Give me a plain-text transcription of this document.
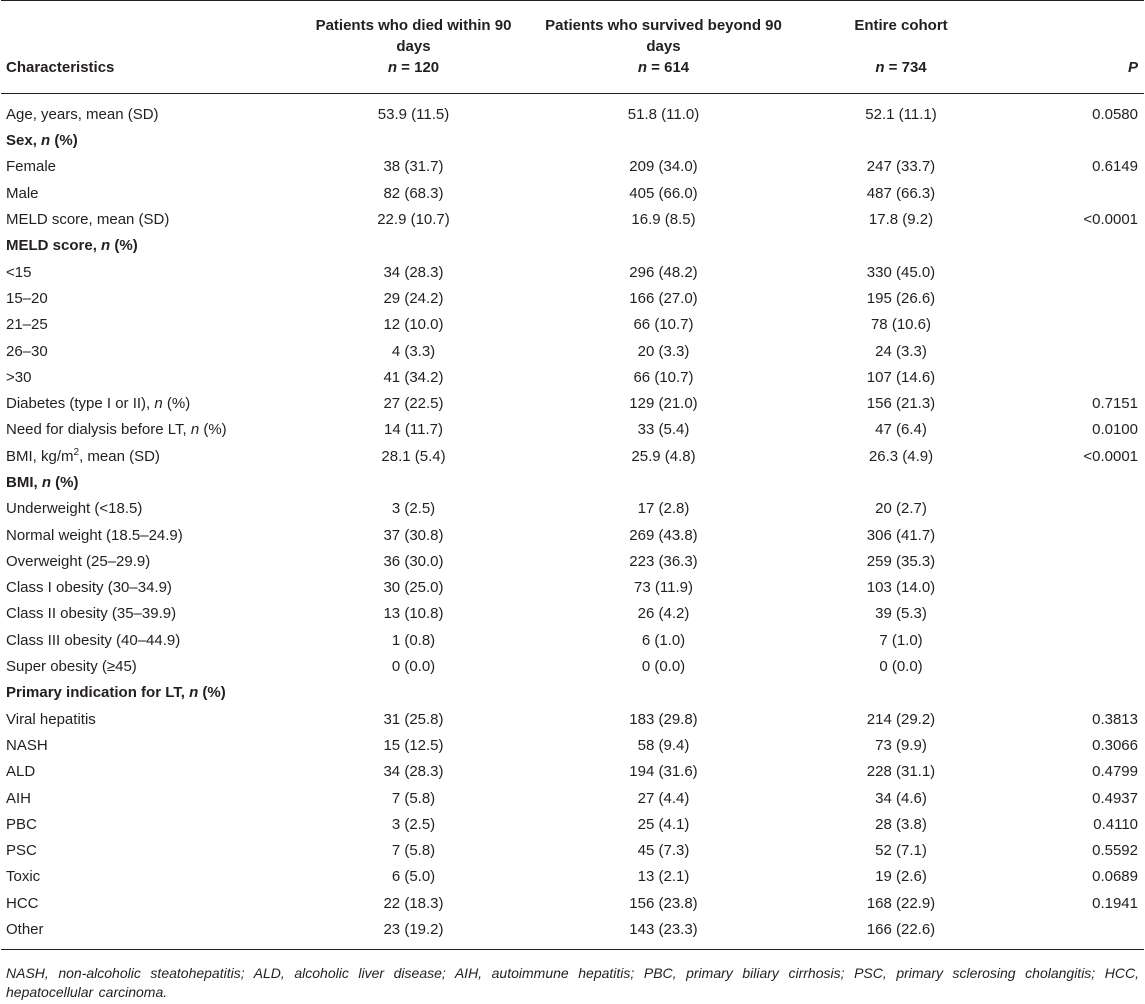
	Patients who died within 90 days	Patients who survived beyond 90 days	Entire cohort	
Characteristics	n = 120	n = 614	n = 734	P
Age, years, mean (SD)	53.9 (11.5)	51.8 (11.0)	52.1 (11.1)	0.0580
Sex, n (%)				
Female	38 (31.7)	209 (34.0)	247 (33.7)	0.6149
Male	82 (68.3)	405 (66.0)	487 (66.3)	
MELD score, mean (SD)	22.9 (10.7)	16.9 (8.5)	17.8 (9.2)	<0.0001
MELD score, n (%)				
<15	34 (28.3)	296 (48.2)	330 (45.0)	
15–20	29 (24.2)	166 (27.0)	195 (26.6)	
21–25	12 (10.0)	66 (10.7)	78 (10.6)	
26–30	4 (3.3)	20 (3.3)	24 (3.3)	
>30	41 (34.2)	66 (10.7)	107 (14.6)	
Diabetes (type I or II), n (%)	27 (22.5)	129 (21.0)	156 (21.3)	0.7151
Need for dialysis before LT, n (%)	14 (11.7)	33 (5.4)	47 (6.4)	0.0100
BMI, $kg/m^2$, mean (SD)	28.1 (5.4)	25.9 (4.8)	26.3 (4.9)	<0.0001
BMI, n (%)				
Underweight (<18.5)	3 (2.5)	17 (2.8)	20 (2.7)	
Normal weight (18.5–24.9)	37 (30.8)	269 (43.8)	306 (41.7)	
Overweight (25–29.9)	36 (30.0)	223 (36.3)	259 (35.3)	
Class I obesity (30–34.9)	30 (25.0)	73 (11.9)	103 (14.0)	
Class II obesity (35–39.9)	13 (10.8)	26 (4.2)	39 (5.3)	
Class III obesity (40–44.9)	1 (0.8)	6 (1.0)	7 (1.0)	
Super obesity (≥45)	0 (0.0)	0 (0.0)	0 (0.0)	
Primary indication for LT, n (%)				
Viral hepatitis	31 (25.8)	183 (29.8)	214 (29.2)	0.3813
NASH	15 (12.5)	58 (9.4)	73 (9.9)	0.3066
ALD	34 (28.3)	194 (31.6)	228 (31.1)	0.4799
AIH	7 (5.8)	27 (4.4)	34 (4.6)	0.4937
PBC	3 (2.5)	25 (4.1)	28 (3.8)	0.4110
PSC	7 (5.8)	45 (7.3)	52 (7.1)	0.5592
Toxic	6 (5.0)	13 (2.1)	19 (2.6)	0.0689
HCC	22 (18.3)	156 (23.8)	168 (22.9)	0.1941
Other	23 (19.2)	143 (23.3)	166 (22.6)	
NASH, non-alcoholic steatohepatitis; ALD, alcoholic liver disease; AIH, autoimmune hepatitis; PBC, primary biliary cirrhosis; PSC, primary sclerosing cholangitis; HCC, hepatocellular carcinoma.
